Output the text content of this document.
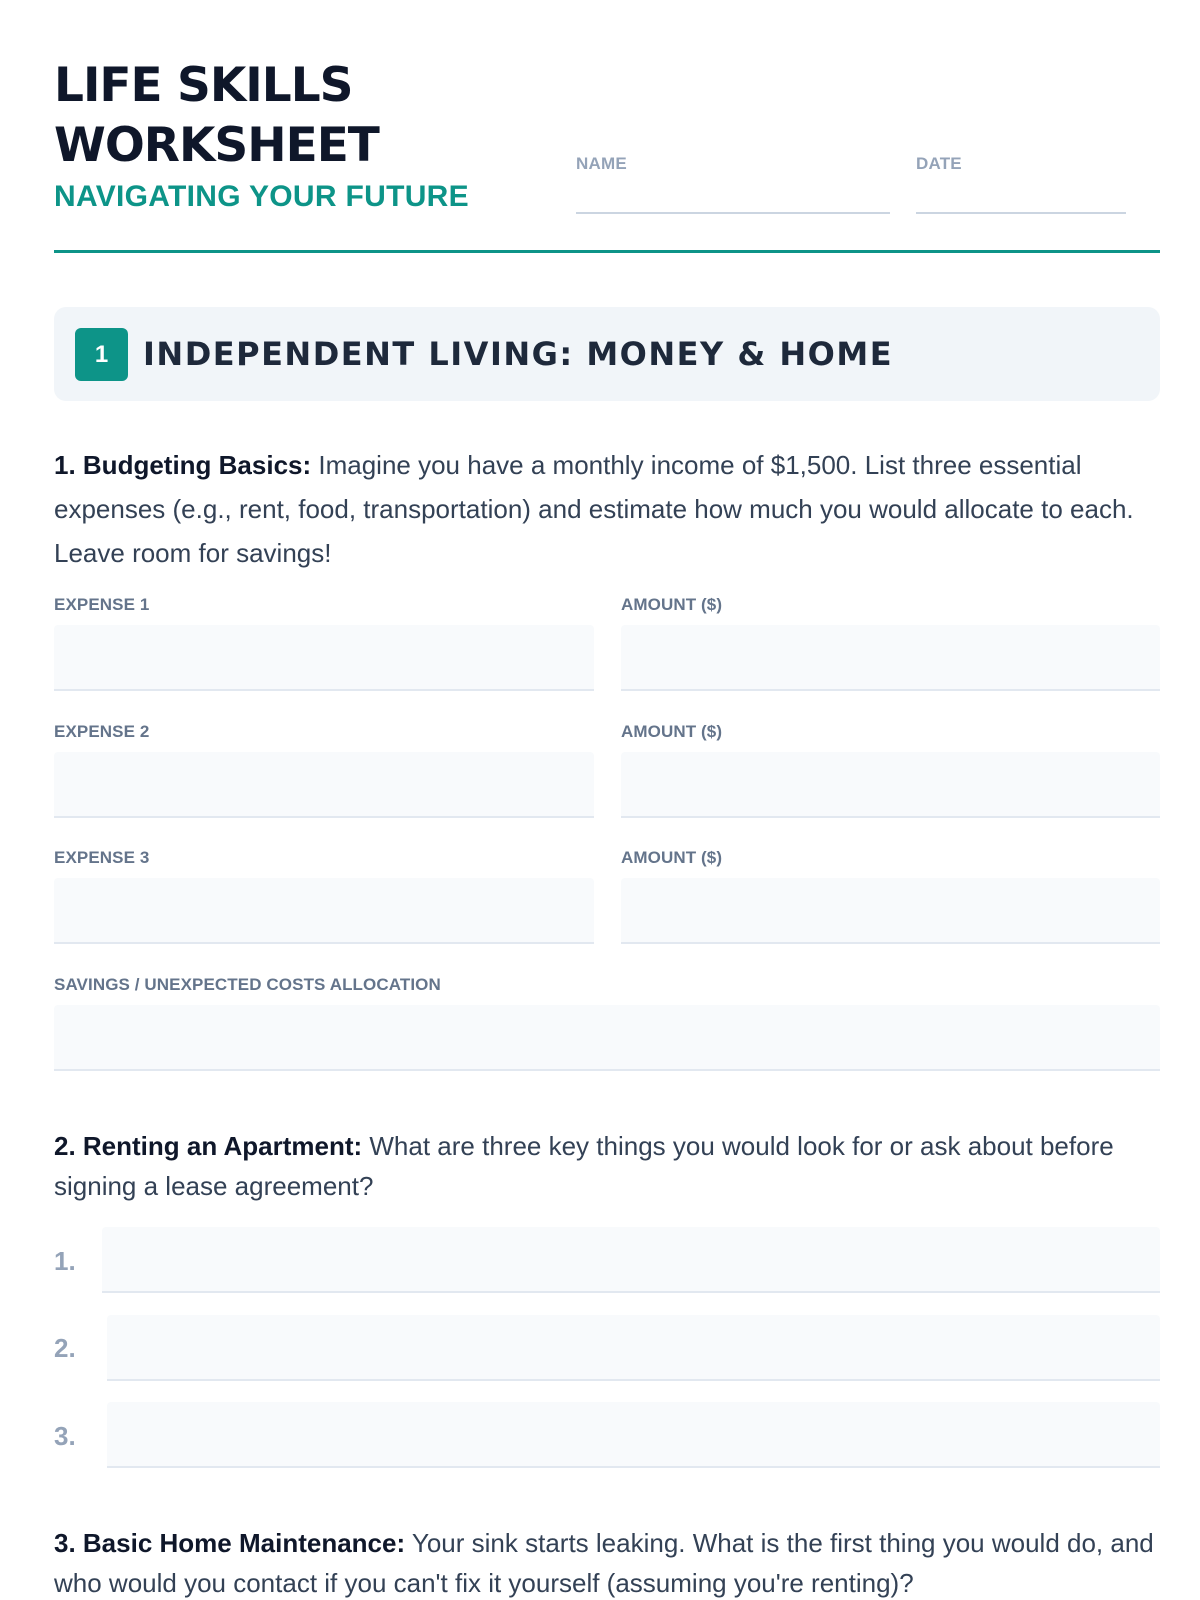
LIFE SKILLS
WORKSHEET
NAVIGATING YOUR FUTURE
NAME	DATE
1	INDEPENDENT LIVING: MONEY & HOME

1. Budgeting Basics: Imagine you have a monthly income of $1,500. List three essential expenses (e.g., rent, food, transportation) and estimate how much you would allocate to each. Leave room for savings!

EXPENSE 1	AMOUNT ($)
EXPENSE 2	AMOUNT ($)
EXPENSE 3	AMOUNT ($)
SAVINGS / UNEXPECTED COSTS ALLOCATION

2. Renting an Apartment: What are three key things you would look for or ask about before signing a lease agreement?

1.
2.
3.

3. Basic Home Maintenance: Your sink starts leaking. What is the first thing you would do, and who would you contact if you can't fix it yourself (assuming you're renting)?
